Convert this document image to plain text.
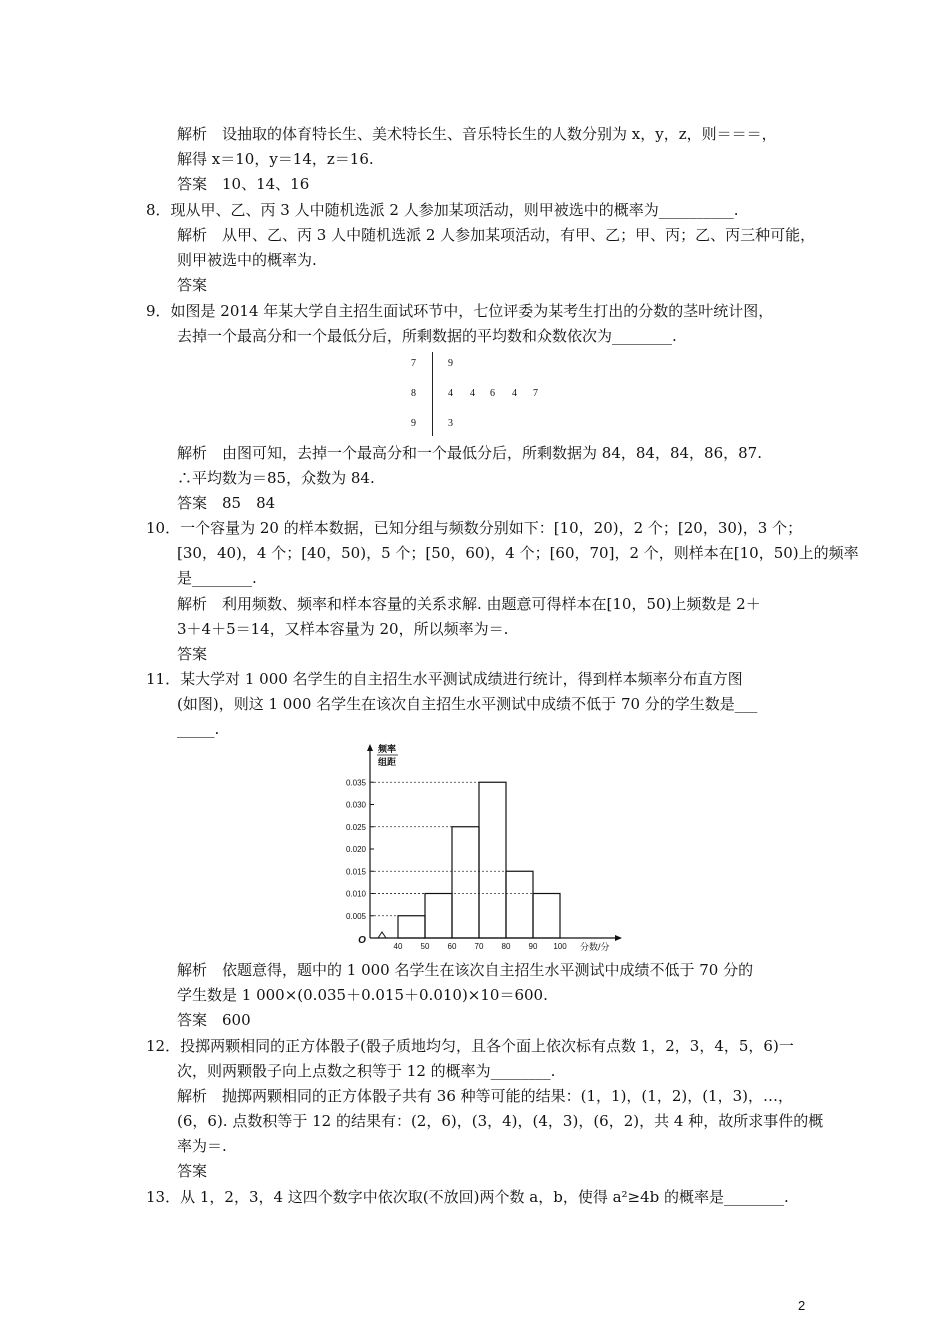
解析　设抽取的体育特长生、美术特长生、音乐特长生的人数分别为 x，y，z，则＝＝＝，
解得 x＝10，y＝14，z＝16.
答案　10、14、16
8．现从甲、乙、丙 3 人中随机选派 2 人参加某项活动，则甲被选中的概率为__________.
解析　从甲、乙、丙 3 人中随机选派 2 人参加某项活动，有甲、乙；甲、丙；乙、丙三种可能，
则甲被选中的概率为.
答案
9．如图是 2014 年某大学自主招生面试环节中，七位评委为某考生打出的分数的茎叶统计图，
去掉一个最高分和一个最低分后，所剩数据的平均数和众数依次为________.
7	9
8	4 4 6 4 7
9	3
解析　由图可知，去掉一个最高分和一个最低分后，所剩数据为 84，84，84，86，87.
∴平均数为＝85，众数为 84.
答案　85　84
10．一个容量为 20 的样本数据，已知分组与频数分别如下：[10，20)，2 个；[20，30)，3 个；
[30，40)，4 个；[40，50)，5 个；[50，60)，4 个；[60，70]，2 个，则样本在[10，50)上的频率
是________.
解析　利用频数、频率和样本容量的关系求解. 由题意可得样本在[10，50)上频数是 2＋
3＋4＋5＝14，又样本容量为 20，所以频率为＝.
答案
11．某大学对 1 000 名学生的自主招生水平测试成绩进行统计，得到样本频率分布直方图
(如图)，则这 1 000 名学生在该次自主招生水平测试中成绩不低于 70 分的学生数是___
_____.
0.005
0.010
0.015
0.020
0.025
0.030
0.035
40 50 60 70 80 90 100
O
分数/分
频率
组距
解析　依题意得，题中的 1 000 名学生在该次自主招生水平测试中成绩不低于 70 分的
学生数是 1 000×(0.035＋0.015＋0.010)×10＝600.
答案　600
12．投掷两颗相同的正方体骰子(骰子质地均匀，且各个面上依次标有点数 1，2，3，4，5，6)一
次，则两颗骰子向上点数之积等于 12 的概率为________.
解析　抛掷两颗相同的正方体骰子共有 36 种等可能的结果：(1，1)，(1，2)，(1，3)，…，
(6，6). 点数积等于 12 的结果有：(2，6)，(3，4)，(4，3)，(6，2)，共 4 种，故所求事件的概
率为＝.
答案
13．从 1，2，3，4 这四个数字中依次取(不放回)两个数 a，b，使得 a²≥4b 的概率是________.
2
